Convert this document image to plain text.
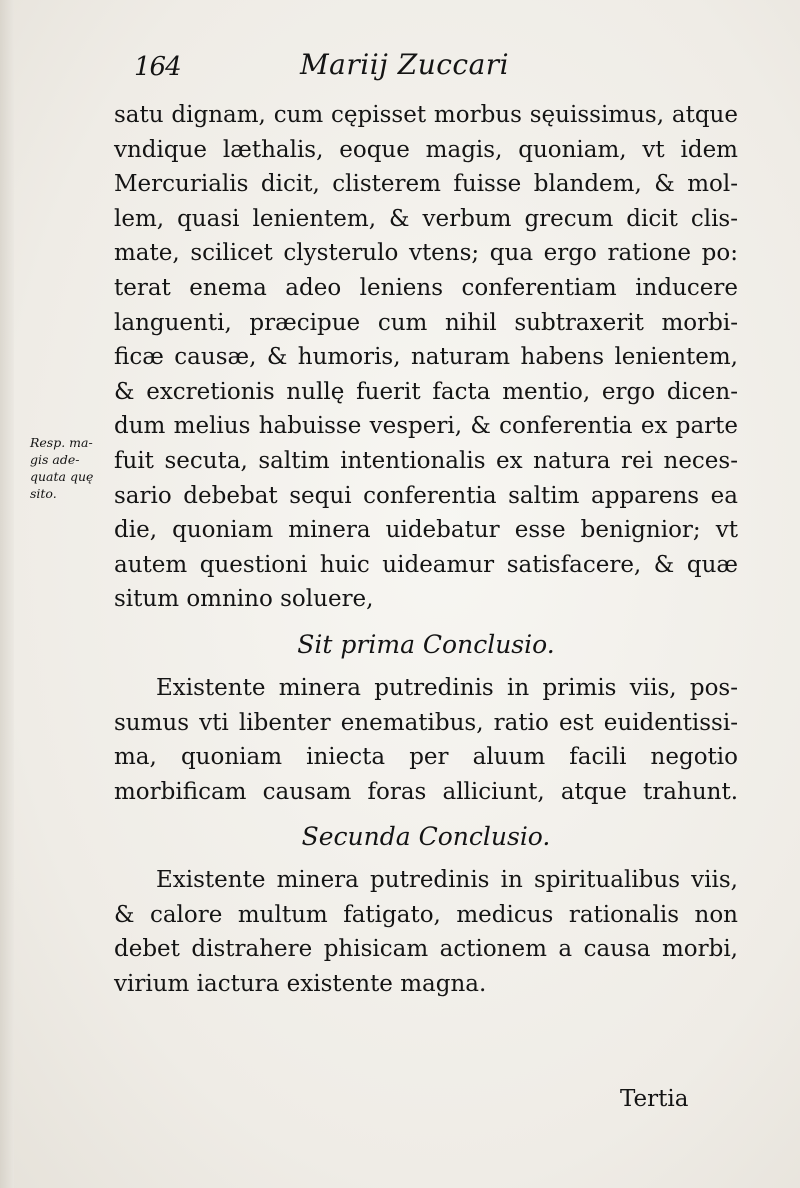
164	Mariij Zuccari
Resp. ma-
gis ade-
quata quę
sito.
satu dignam, cum cępisset morbus sęuissimus, atque
vndique læthalis, eoque magis, quoniam, vt idem
Mercurialis dicit, clisterem fuisse blandem, & mol-
lem, quasi lenientem, & verbum grecum dicit clis-
mate, scilicet clysterulo vtens; qua ergo ratione po:
terat enema adeo leniens conferentiam inducere
languenti, præcipue cum nihil subtraxerit morbi-
ficæ causæ, & humoris, naturam habens lenientem,
& excretionis nullę fuerit facta mentio, ergo dicen-
dum melius habuisse vesperi, & conferentia ex parte
fuit secuta, saltim intentionalis ex natura rei neces-
sario debebat sequi conferentia saltim apparens ea
die, quoniam minera uidebatur esse benignior; vt
autem questioni huic uideamur satisfacere, & quæ
situm omnino soluere,
Sit prima Conclusio.
Existente minera putredinis in primis viis, pos-
sumus vti libenter enematibus, ratio est euidentissi-
ma, quoniam iniecta per aluum facili negotio
morbificam causam foras alliciunt, atque trahunt.
Secunda Conclusio.
Existente minera putredinis in spiritualibus viis,
& calore multum fatigato, medicus rationalis non
debet distrahere phisicam actionem a causa morbi,
virium iactura existente magna.
Tertia
